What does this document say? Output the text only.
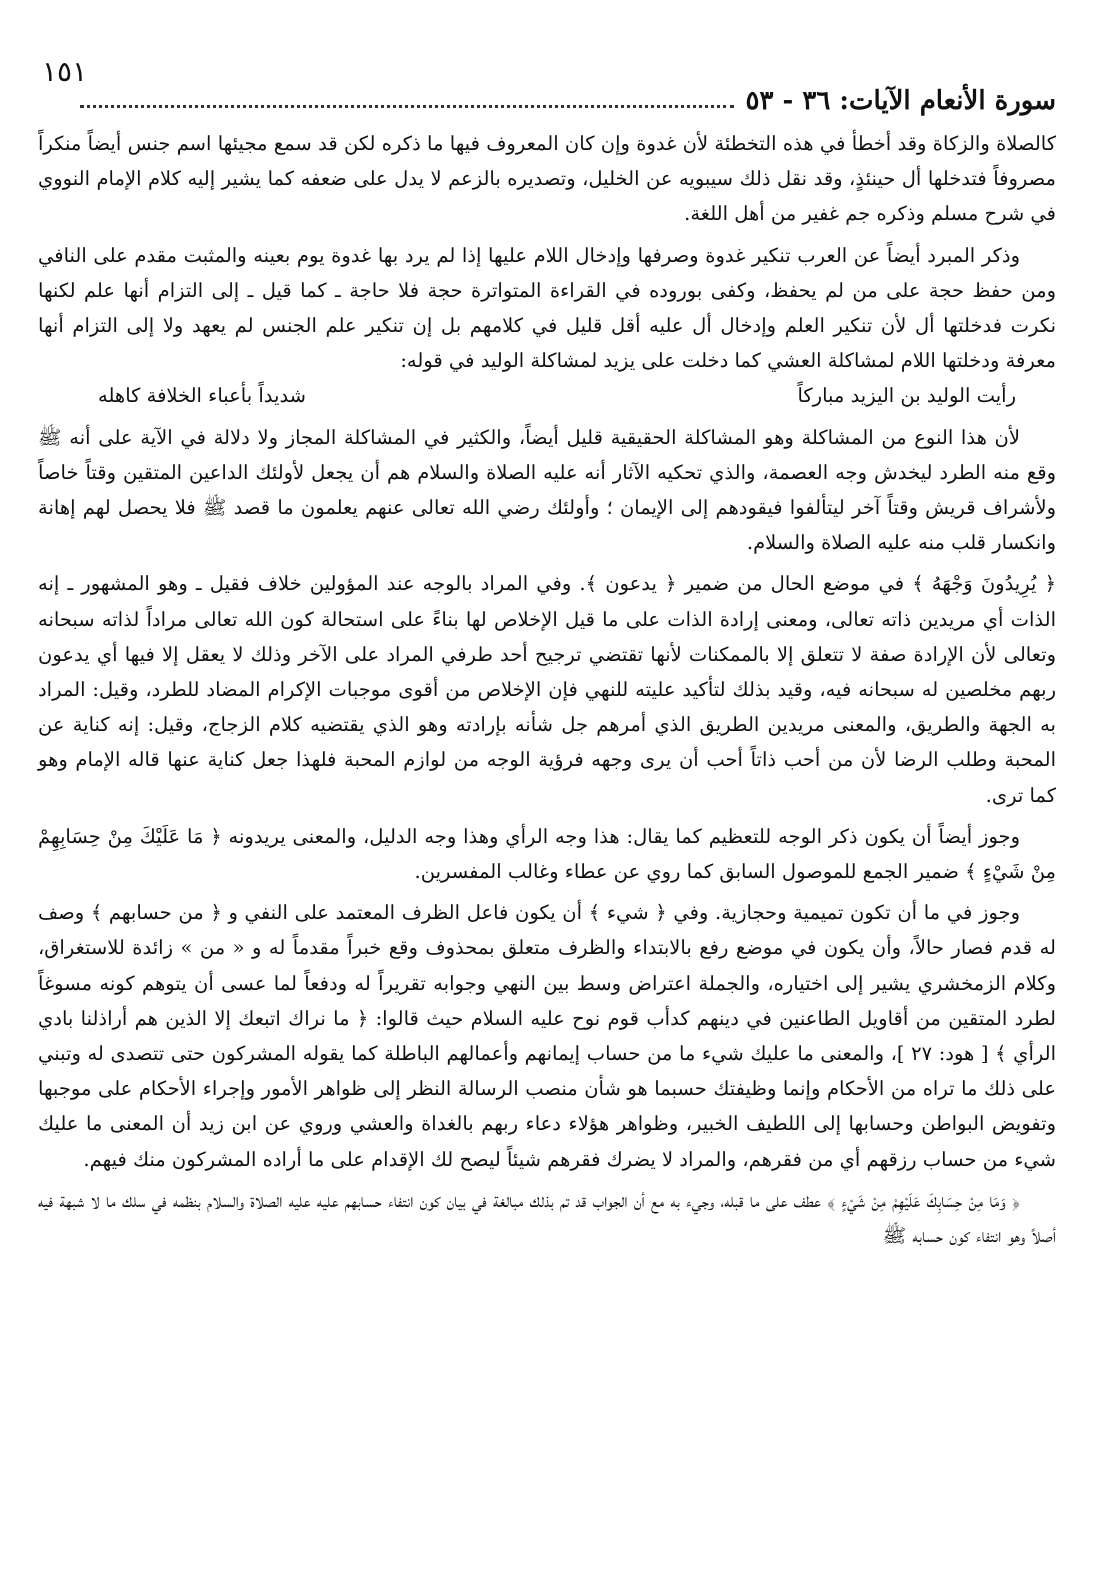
١٥١
سورة الأنعام الآيات: ٣٦ - ٥٣

كالصلاة والزكاة وقد أخطأ في هذه التخطئة لأن غدوة وإن كان المعروف فيها ما ذكره لكن قد سمع مجيئها اسم جنس أيضاً منكراً مصروفاً فتدخلها أل حينئذٍ، وقد نقل ذلك سيبويه عن الخليل، وتصديره بالزعم لا يدل على ضعفه كما يشير إليه كلام الإمام النووي في شرح مسلم وذكره جم غفير من أهل اللغة.

وذكر المبرد أيضاً عن العرب تنكير غدوة وصرفها وإدخال اللام عليها إذا لم يرد بها غدوة يوم بعينه والمثبت مقدم على النافي ومن حفظ حجة على من لم يحفظ، وكفى بوروده في القراءة المتواترة حجة فلا حاجة ـ كما قيل ـ إلى التزام أنها علم لكنها نكرت فدخلتها أل لأن تنكير العلم وإدخال أل عليه أقل قليل في كلامهم بل إن تنكير علم الجنس لم يعهد ولا إلى التزام أنها معرفة ودخلتها اللام لمشاكلة العشي كما دخلت على يزيد لمشاكلة الوليد في قوله:

رأيت الوليد بن اليزيد مباركاً
شديداً بأعباء الخلافة كاهله

لأن هذا النوع من المشاكلة وهو المشاكلة الحقيقية قليل أيضاً، والكثير في المشاكلة المجاز ولا دلالة في الآية على أنه ﷺ وقع منه الطرد ليخدش وجه العصمة، والذي تحكيه الآثار أنه عليه الصلاة والسلام هم أن يجعل لأولئك الداعين المتقين وقتاً خاصاً ولأشراف قريش وقتاً آخر ليتألفوا فيقودهم إلى الإيمان ؛ وأولئك رضي الله تعالى عنهم يعلمون ما قصد ﷺ فلا يحصل لهم إهانة وانكسار قلب منه عليه الصلاة والسلام.

﴿ يُرِيدُونَ وَجْهَهُ ﴾ في موضع الحال من ضمير ﴿ يدعون ﴾. وفي المراد بالوجه عند المؤولين خلاف فقيل ـ وهو المشهور ـ إنه الذات أي مريدين ذاته تعالى، ومعنى إرادة الذات على ما قيل الإخلاص لها بناءً على استحالة كون الله تعالى مراداً لذاته سبحانه وتعالى لأن الإرادة صفة لا تتعلق إلا بالممكنات لأنها تقتضي ترجيح أحد طرفي المراد على الآخر وذلك لا يعقل إلا فيها أي يدعون ربهم مخلصين له سبحانه فيه، وقيد بذلك لتأكيد عليته للنهي فإن الإخلاص من أقوى موجبات الإكرام المضاد للطرد، وقيل: المراد به الجهة والطريق، والمعنى مريدين الطريق الذي أمرهم جل شأنه بإرادته وهو الذي يقتضيه كلام الزجاج، وقيل: إنه كناية عن المحبة وطلب الرضا لأن من أحب ذاتاً أحب أن يرى وجهه فرؤية الوجه من لوازم المحبة فلهذا جعل كناية عنها قاله الإمام وهو كما ترى.

وجوز أيضاً أن يكون ذكر الوجه للتعظيم كما يقال: هذا وجه الرأي وهذا وجه الدليل، والمعنى يريدونه ﴿ مَا عَلَيْكَ مِنْ حِسَابِهِمْ مِنْ شَيْءٍ ﴾ ضمير الجمع للموصول السابق كما روي عن عطاء وغالب المفسرين.

وجوز في ما أن تكون تميمية وحجازية. وفي ﴿ شيء ﴾ أن يكون فاعل الظرف المعتمد على النفي و ﴿ من حسابهم ﴾ وصف له قدم فصار حالاً، وأن يكون في موضع رفع بالابتداء والظرف متعلق بمحذوف وقع خبراً مقدماً له و « من » زائدة للاستغراق، وكلام الزمخشري يشير إلى اختياره، والجملة اعتراض وسط بين النهي وجوابه تقريراً له ودفعاً لما عسى أن يتوهم كونه مسوغاً لطرد المتقين من أقاويل الطاعنين في دينهم كدأب قوم نوح عليه السلام حيث قالوا: ﴿ ما نراك اتبعك إلا الذين هم أراذلنا بادي الرأي ﴾ [ هود: ٢٧ ]، والمعنى ما عليك شيء ما من حساب إيمانهم وأعمالهم الباطلة كما يقوله المشركون حتى تتصدى له وتبني على ذلك ما تراه من الأحكام وإنما وظيفتك حسبما هو شأن منصب الرسالة النظر إلى ظواهر الأمور وإجراء الأحكام على موجبها وتفويض البواطن وحسابها إلى اللطيف الخبير، وظواهر هؤلاء دعاء ربهم بالغداة والعشي وروي عن ابن زيد أن المعنى ما عليك شيء من حساب رزقهم أي من فقرهم، والمراد لا يضرك فقرهم شيئاً ليصح لك الإقدام على ما أراده المشركون منك فيهم.

﴿ وَمَا مِنْ حِسَابِكَ عَلَيْهِمْ مِنْ شَيْءٍ ﴾ عطف على ما قبله، وجيء به مع أن الجواب قد تم بذلك مبالغة في بيان كون انتفاء حسابهم عليه عليه الصلاة والسلام بنظمه في سلك ما لا شبهة فيه أصلاً وهو انتفاء كون حسابه ﷺ
